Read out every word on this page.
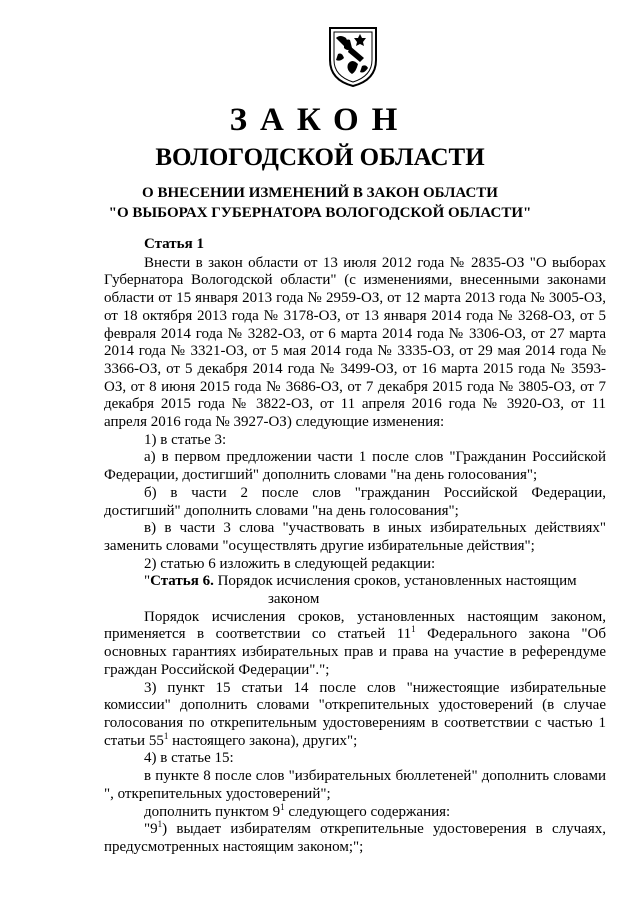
ЗАКОН
ВОЛОГОДСКОЙ ОБЛАСТИ
О ВНЕСЕНИИ ИЗМЕНЕНИЙ В ЗАКОН ОБЛАСТИ
"О ВЫБОРАХ ГУБЕРНАТОРА ВОЛОГОДСКОЙ ОБЛАСТИ"

Статья 1

Внести в закон области от 13 июля 2012 года № 2835-ОЗ "О выборах Губернатора Вологодской области" (с изменениями, внесенными законами области от 15 января 2013 года № 2959-ОЗ, от 12 марта 2013 года № 3005-ОЗ, от 18 октября 2013 года № 3178-ОЗ, от 13 января 2014 года № 3268-ОЗ, от 5 февраля 2014 года № 3282-ОЗ, от 6 марта 2014 года № 3306-ОЗ, от 27 марта 2014 года № 3321-ОЗ, от 5 мая 2014 года № 3335-ОЗ, от 29 мая 2014 года № 3366-ОЗ, от 5 декабря 2014 года № 3499-ОЗ, от 16 марта 2015 года № 3593-ОЗ, от 8 июня 2015 года № 3686-ОЗ, от 7 декабря 2015 года № 3805-ОЗ, от 7 декабря 2015 года № 3822-ОЗ, от 11 апреля 2016 года № 3920-ОЗ, от 11 апреля 2016 года № 3927-ОЗ) следующие изменения:

1) в статье 3:

а) в первом предложении части 1 после слов "Гражданин Российской Федерации, достигший" дополнить словами "на день голосования";

б) в части 2 после слов "гражданин Российской Федерации, достигший" дополнить словами "на день голосования";

в) в части 3 слова "участвовать в иных избирательных действиях" заменить словами "осуществлять другие избирательные действия";

2) статью 6 изложить в следующей редакции:

"Статья 6. Порядок исчисления сроков, установленных настоящим

законом

Порядок исчисления сроков, установленных настоящим законом, применяется в соответствии со статьей $11^1$ Федерального закона "Об основных гарантиях избирательных прав и права на участие в референдуме граждан Российской Федерации".";

3) пункт 15 статьи 14 после слов "нижестоящие избирательные комиссии" дополнить словами "открепительных удостоверений (в случае голосования по открепительным удостоверениям в соответствии с частью 1 статьи $55^1$ настоящего закона), других";

4) в статье 15:

в пункте 8 после слов "избирательных бюллетеней" дополнить словами ", открепительных удостоверений";

дополнить пунктом $9^1$ следующего содержания:

"$9^1$) выдает избирателям открепительные удостоверения в случаях, предусмотренных настоящим законом;";
